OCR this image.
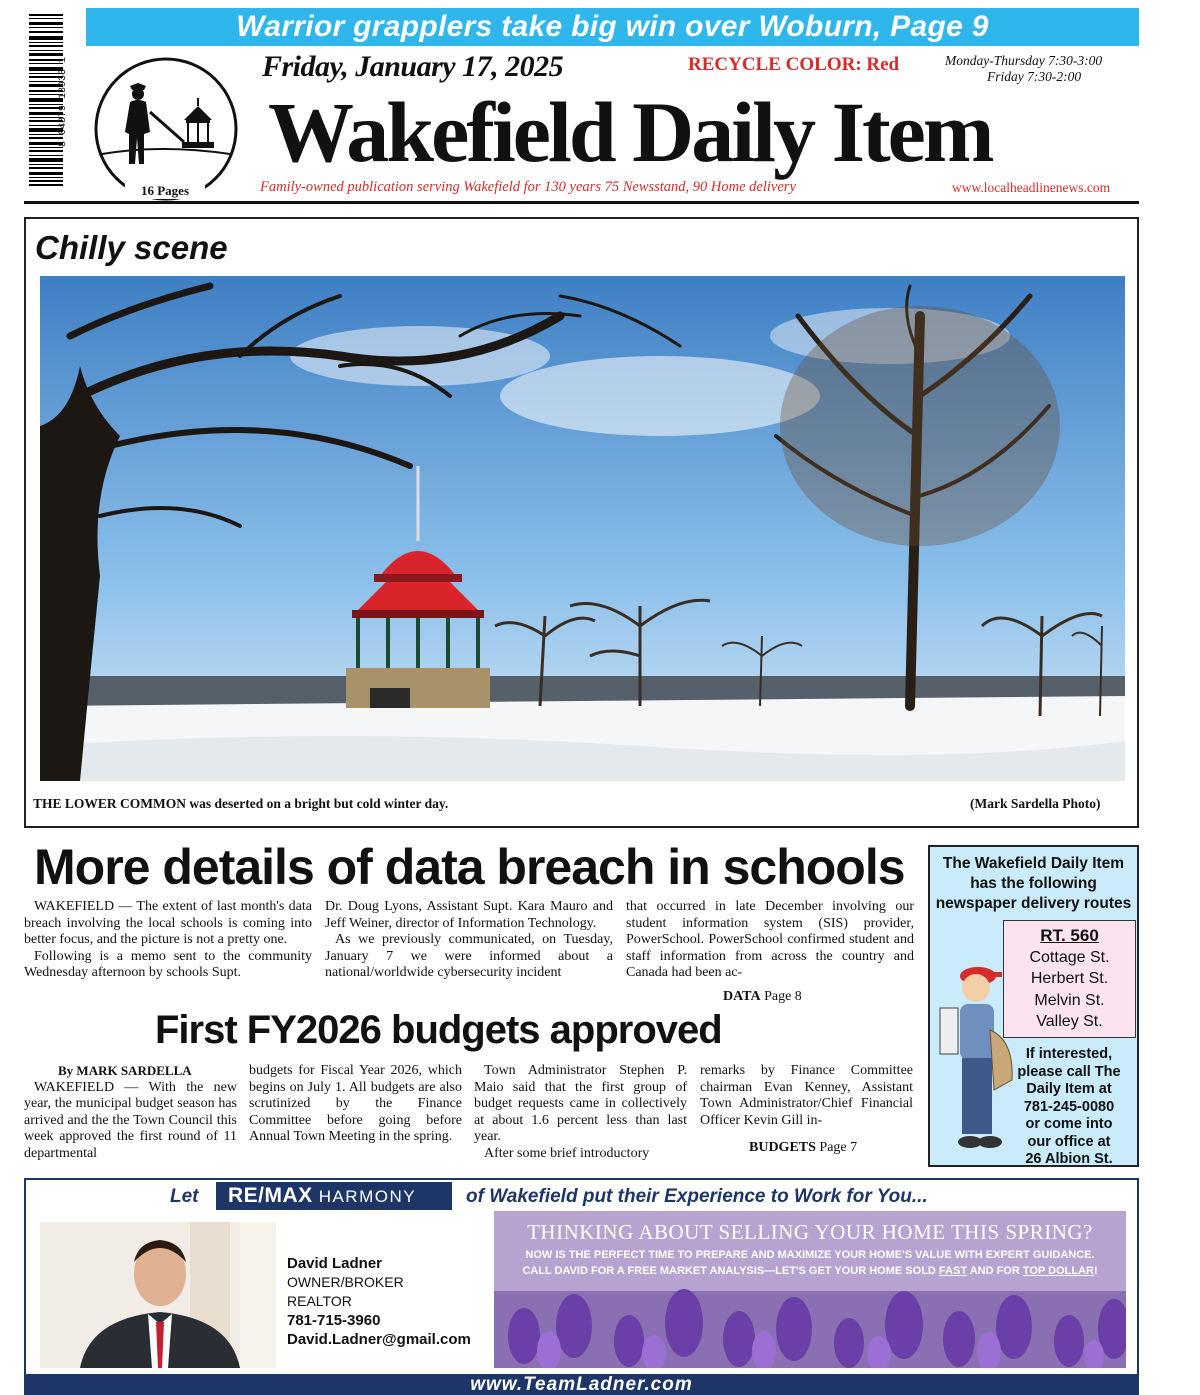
Warrior grapplers take big win over Woburn, Page 9
8 04879 13933 1
16 Pages
Friday, January 17, 2025	RECYCLE COLOR: Red	Monday-Thursday 7:30-3:00
Friday 7:30-2:00
Wakefield Daily Item
Family-owned publication serving Wakefield for 130 years 75 Newsstand, 90 Home delivery	www.localheadlinenews.com
Chilly scene
THE LOWER COMMON was deserted on a bright but cold winter day.	(Mark Sardella Photo)
More details of data breach in schools

WAKEFIELD — The extent of last month's data breach involving the local schools is coming into better focus, and the picture is not a pretty one.

Following is a memo sent to the community Wednesday afternoon by schools Supt.

Dr. Doug Lyons, Assistant Supt. Kara Mauro and Jeff Weiner, director of Information Technology.

As we previously communicated, on Tuesday, January 7 we were informed about a national/worldwide cybersecurity incident

that occurred in late December involving our student information system (SIS) provider, PowerSchool. PowerSchool confirmed student and staff information from across the country and Canada had been ac-

DATA Page 8
First FY2026 budgets approved

By MARK SARDELLA

WAKEFIELD — With the new year, the municipal budget season has arrived and the the Town Council this week approved the first round of 11 departmental

budgets for Fiscal Year 2026, which begins on July 1. All budgets are also scrutinized by the Finance Committee before going before Annual Town Meeting in the spring.

Town Administrator Stephen P. Maio said that the first group of budget requests came in collectively at about 1.6 percent less than last year.

After some brief introductory

remarks by Finance Committee chairman Evan Kenney, Assistant Town Administrator/Chief Financial Officer Kevin Gill in-

BUDGETS Page 7
The Wakefield Daily Item
has the following
newspaper delivery routes
RT. 560
Cottage St.
Herbert St.
Melvin St.
Valley St.
If interested,
please call The
Daily Item at
781-245-0080
or come into
our office at
26 Albion St.
Let	RE/MAX HARMONY	of Wakefield put their Experience to Work for You...
David Ladner
OWNER/BROKER
REALTOR
781-715-3960
David.Ladner@gmail.com
THINKING ABOUT SELLING YOUR HOME THIS SPRING?
NOW IS THE PERFECT TIME TO PREPARE AND MAXIMIZE YOUR HOME'S VALUE WITH EXPERT GUIDANCE.
CALL DAVID FOR A FREE MARKET ANALYSIS—LET'S GET YOUR HOME SOLD FAST AND FOR TOP DOLLAR!
www.TeamLadner.com
